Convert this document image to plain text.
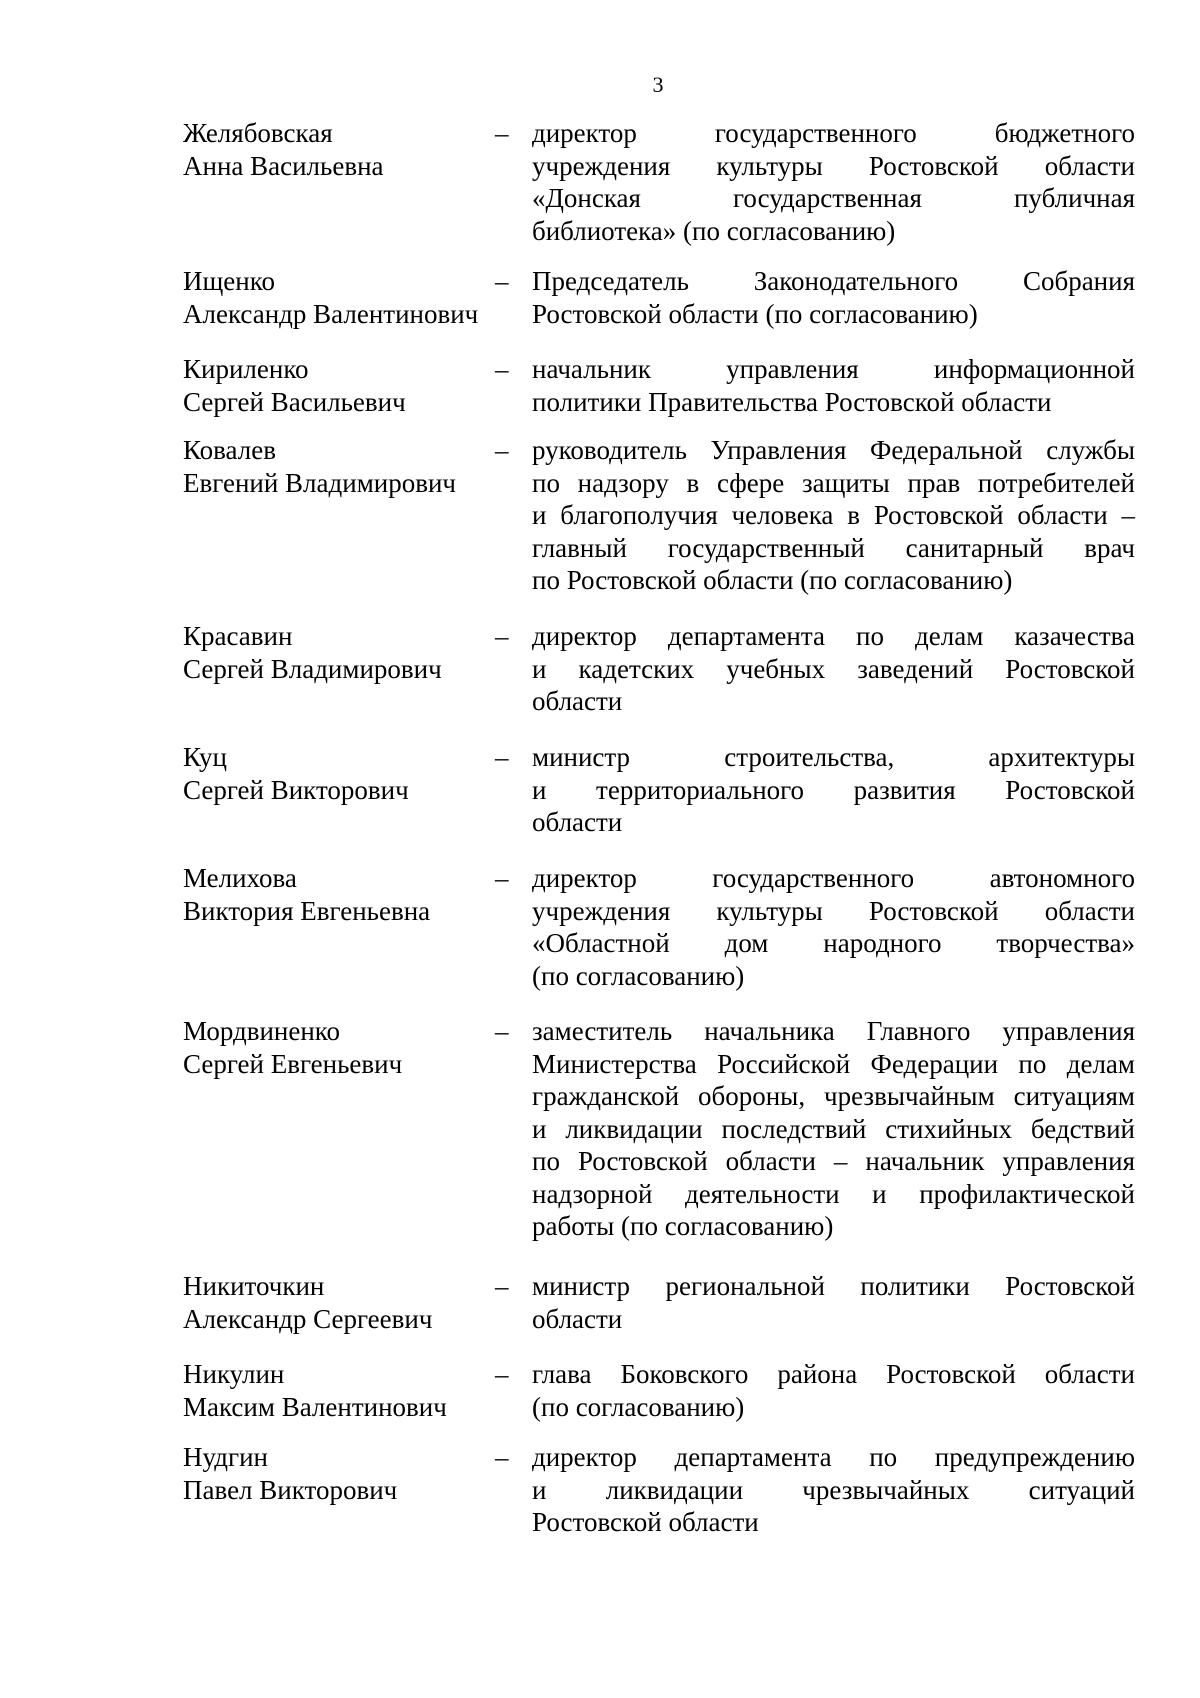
3
Желябовская
Анна Васильевна
– директор государственного бюджетного
учреждения культуры Ростовской области
«Донская государственная публичная
библиотека» (по согласованию)
Ищенко
Александр Валентинович
– Председатель Законодательного Собрания
Ростовской области (по согласованию)
Кириленко
Сергей Васильевич
– начальник управления информационной
политики Правительства Ростовской области
Ковалев
Евгений Владимирович
– руководитель Управления Федеральной службы
по надзору в сфере защиты прав потребителей
и благополучия человека в Ростовской области –
главный государственный санитарный врач
по Ростовской области (по согласованию)
Красавин
Сергей Владимирович
– директор департамента по делам казачества
и кадетских учебных заведений Ростовской
области
Куц
Сергей Викторович
– министр строительства, архитектуры
и территориального развития Ростовской
области
Мелихова
Виктория Евгеньевна
– директор государственного автономного
учреждения культуры Ростовской области
«Областной дом народного творчества»
(по согласованию)
Мордвиненко
Сергей Евгеньевич
– заместитель начальника Главного управления
Министерства Российской Федерации по делам
гражданской обороны, чрезвычайным ситуациям
и ликвидации последствий стихийных бедствий
по Ростовской области – начальник управления
надзорной деятельности и профилактической
работы (по согласованию)
Никиточкин
Александр Сергеевич
– министр региональной политики Ростовской
области
Никулин
Максим Валентинович
– глава Боковского района Ростовской области
(по согласованию)
Нудгин
Павел Викторович
– директор департамента по предупреждению
и ликвидации чрезвычайных ситуаций
Ростовской области
